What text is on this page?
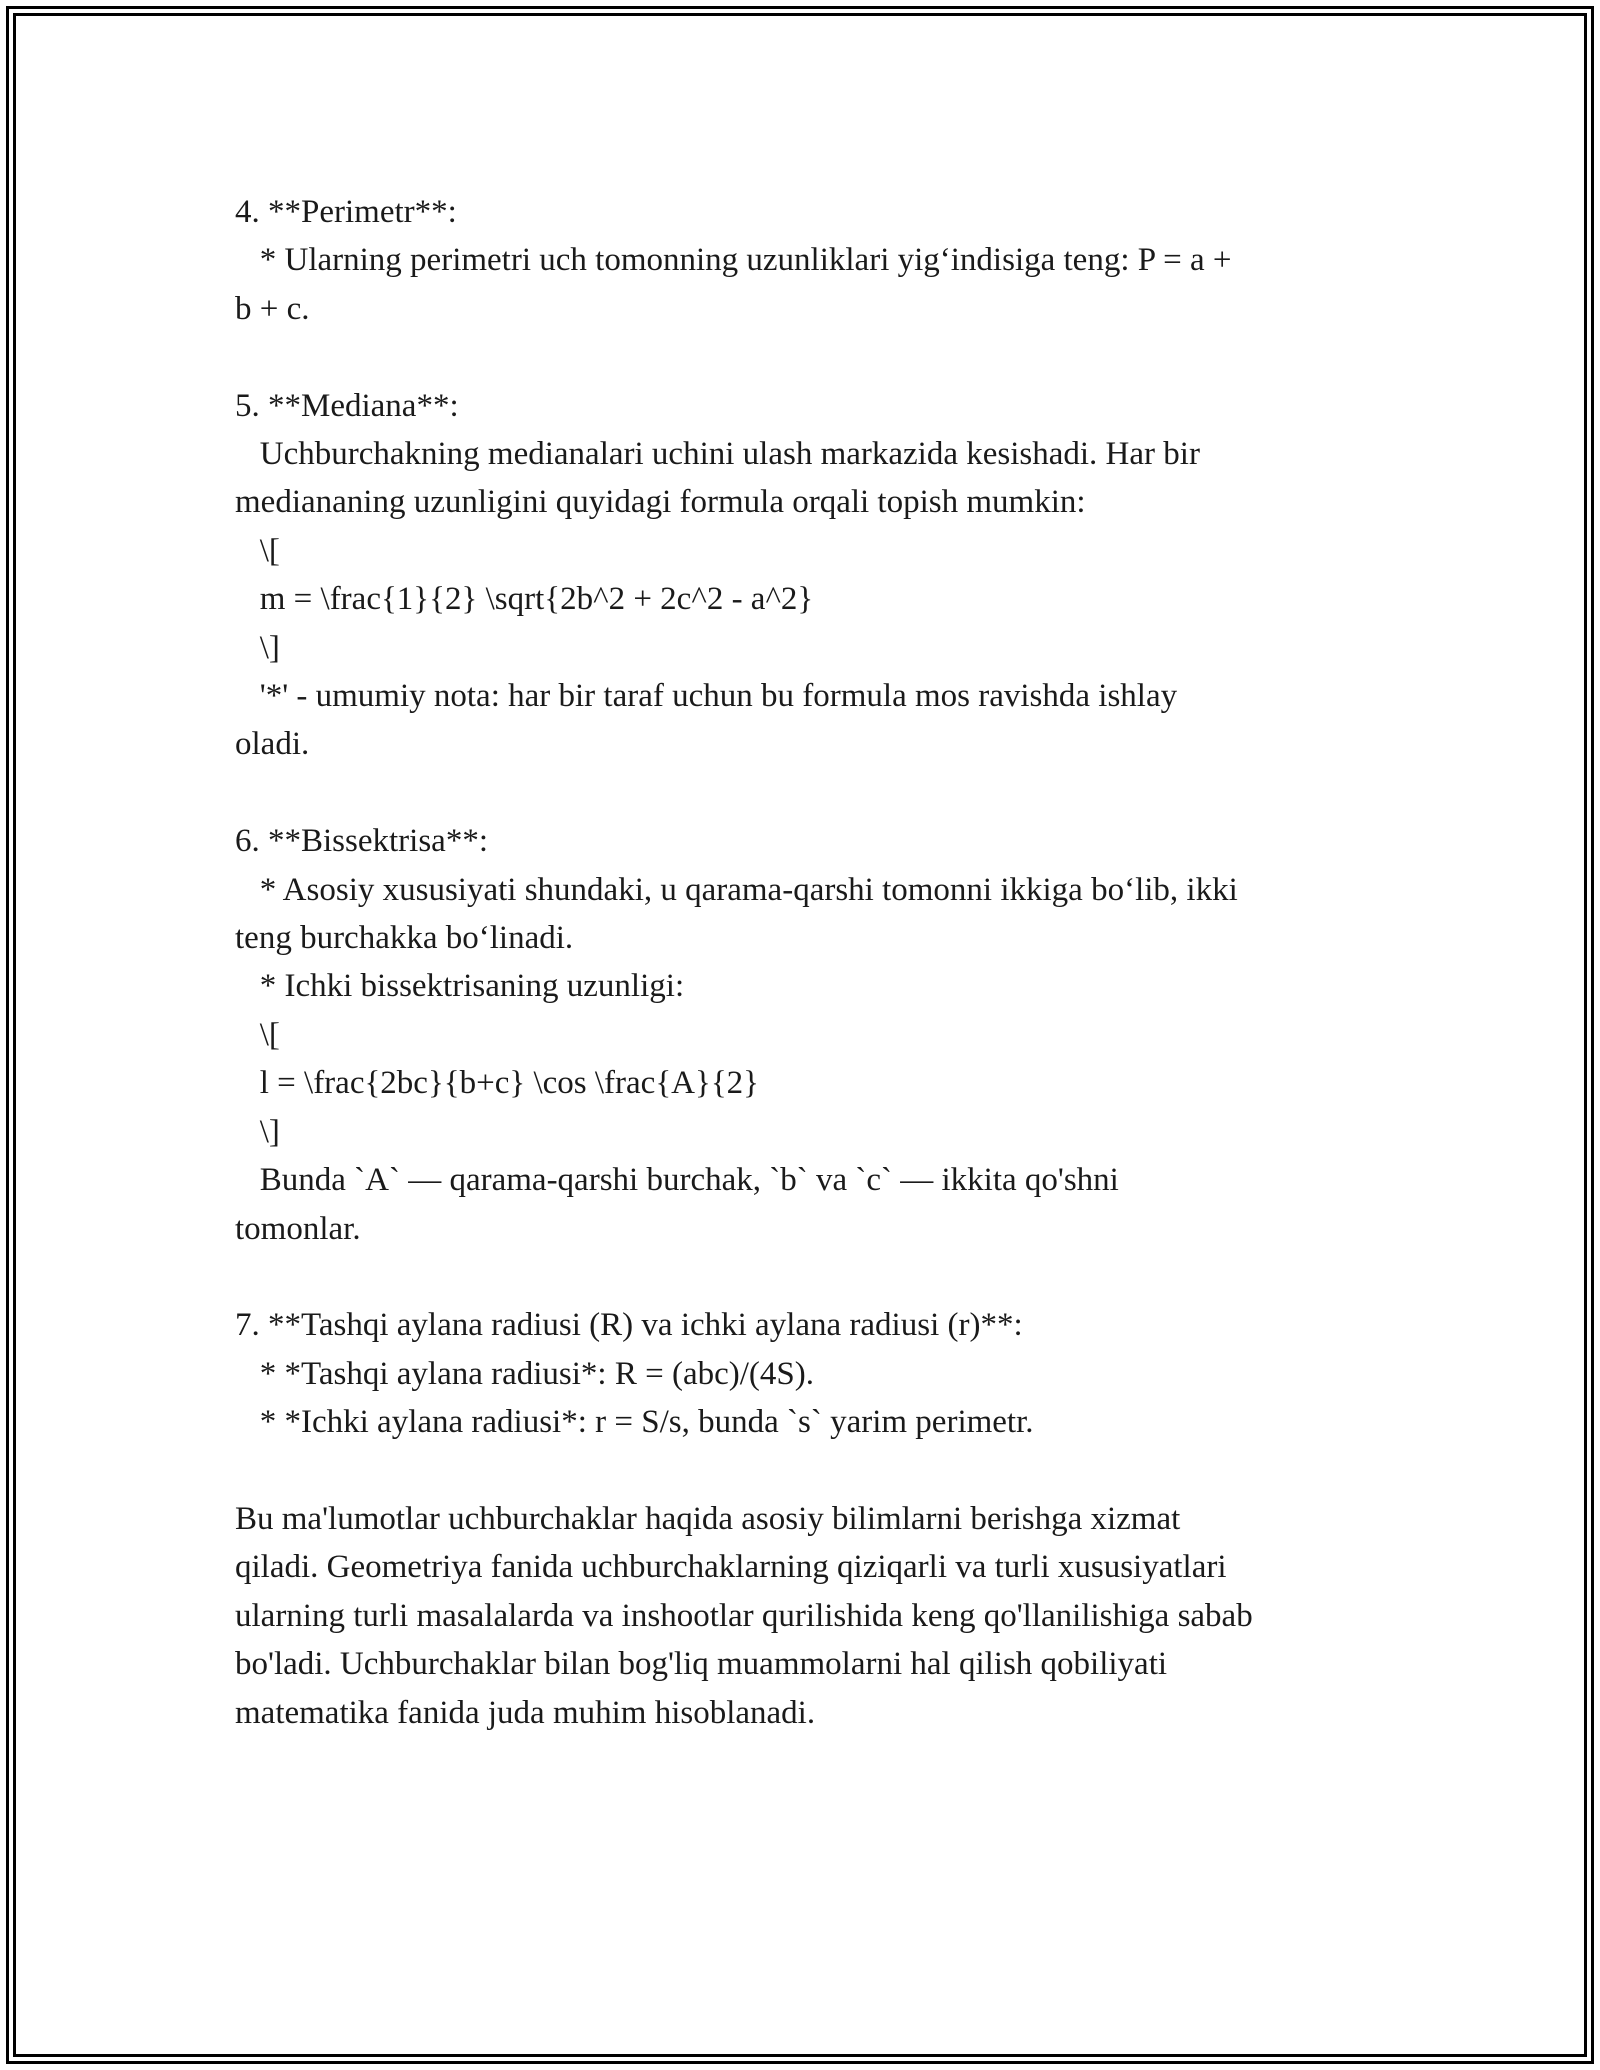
4. **Perimetr**:

* Ularning perimetri uch tomonning uzunliklari yig‘indisiga teng: P = a +

b + c.

5. **Mediana**:

Uchburchakning medianalari uchini ulash markazida kesishadi. Har bir

mediananing uzunligini quyidagi formula orqali topish mumkin:

\[

m = \frac{1}{2} \sqrt{2b^2 + 2c^2 - a^2}

\]

'*' - umumiy nota: har bir taraf uchun bu formula mos ravishda ishlay

oladi.

6. **Bissektrisa**:

* Asosiy xususiyati shundaki, u qarama-qarshi tomonni ikkiga bo‘lib, ikki

teng burchakka bo‘linadi.

* Ichki bissektrisaning uzunligi:

\[

l = \frac{2bc}{b+c} \cos \frac{A}{2}

\]

Bunda `A` — qarama-qarshi burchak, `b` va `c` — ikkita qo'shni

tomonlar.

7. **Tashqi aylana radiusi (R) va ichki aylana radiusi (r)**:

* *Tashqi aylana radiusi*: R = (abc)/(4S).

* *Ichki aylana radiusi*: r = S/s, bunda `s` yarim perimetr.

Bu ma'lumotlar uchburchaklar haqida asosiy bilimlarni berishga xizmat

qiladi. Geometriya fanida uchburchaklarning qiziqarli va turli xususiyatlari

ularning turli masalalarda va inshootlar qurilishida keng qo'llanilishiga sabab

bo'ladi. Uchburchaklar bilan bog'liq muammolarni hal qilish qobiliyati

matematika fanida juda muhim hisoblanadi.
